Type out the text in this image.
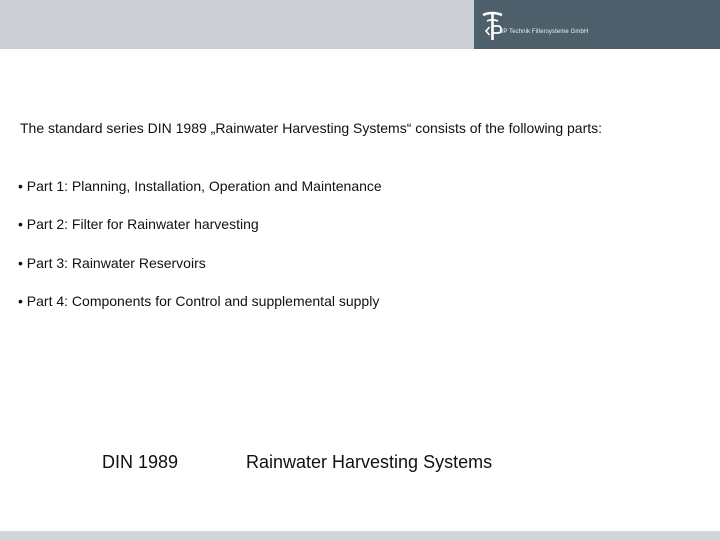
3P Technik Filtersysteme GmbH
The standard series DIN 1989 „Rainwater Harvesting Systems“ consists of the following parts:
• Part 1: Planning, Installation, Operation and Maintenance
• Part 2: Filter for Rainwater harvesting
• Part 3: Rainwater Reservoirs
• Part 4: Components for Control and supplemental supply
DIN 1989	Rainwater Harvesting Systems
